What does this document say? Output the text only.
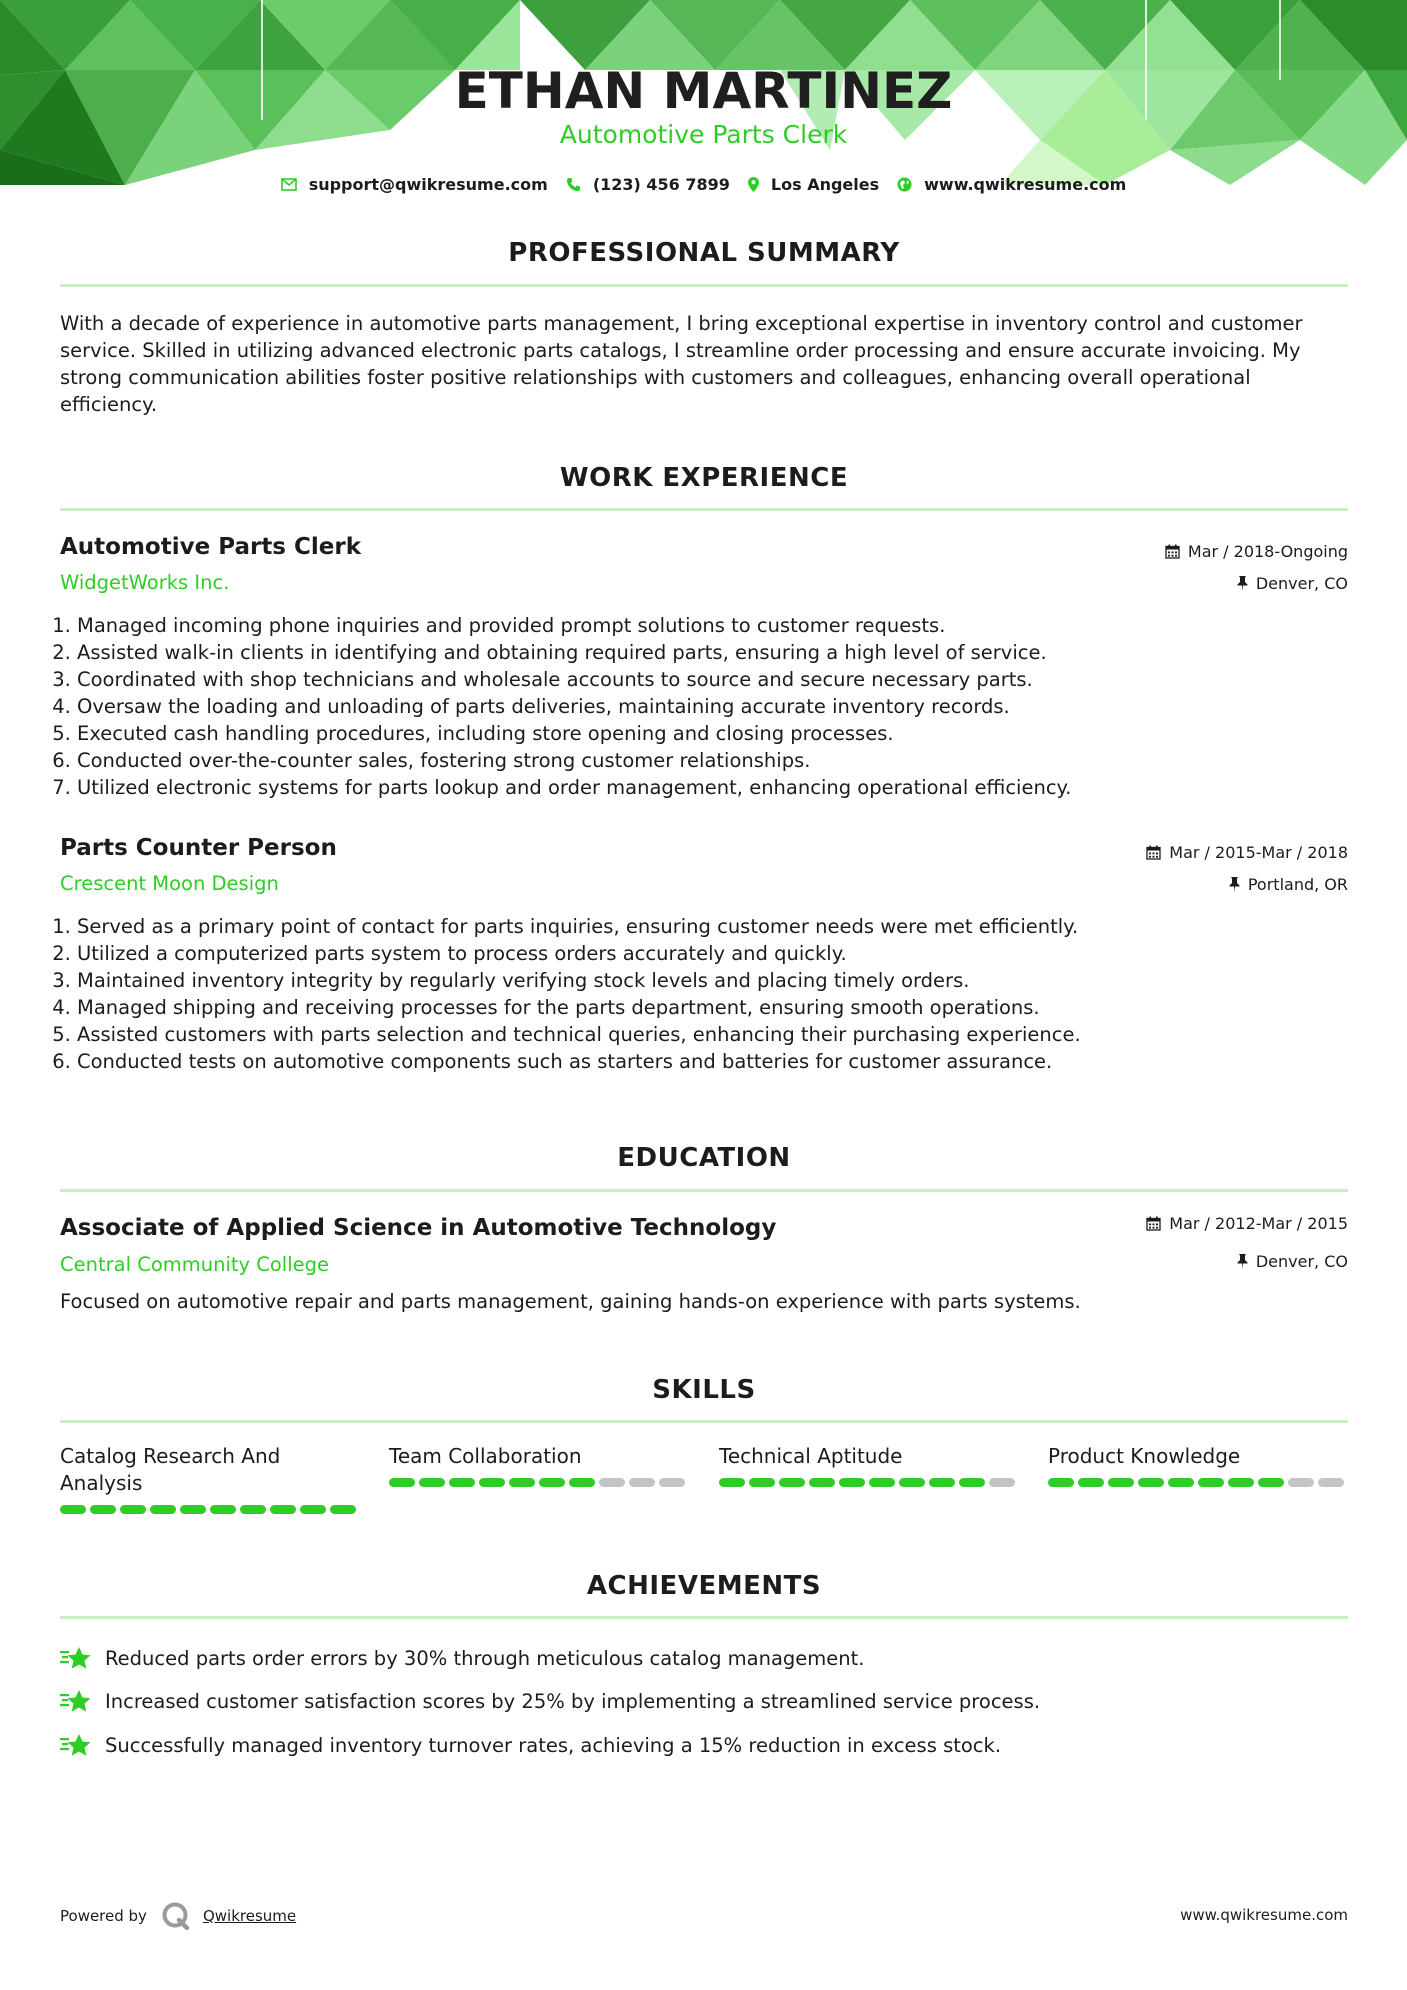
ETHAN MARTINEZ
Automotive Parts Clerk
support@qwikresume.com	(123) 456 7899	Los Angeles	www.qwikresume.com
PROFESSIONAL SUMMARY
With a decade of experience in automotive parts management, I bring exceptional expertise in inventory control and customer service. Skilled in utilizing advanced electronic parts catalogs, I streamline order processing and ensure accurate invoicing. My strong communication abilities foster positive relationships with customers and colleagues, enhancing overall operational efficiency.
WORK EXPERIENCE
Automotive Parts Clerk
WidgetWorks Inc.
Mar / 2018-Ongoing
Denver, CO
1. Managed incoming phone inquiries and provided prompt solutions to customer requests.
2. Assisted walk-in clients in identifying and obtaining required parts, ensuring a high level of service.
3. Coordinated with shop technicians and wholesale accounts to source and secure necessary parts.
4. Oversaw the loading and unloading of parts deliveries, maintaining accurate inventory records.
5. Executed cash handling procedures, including store opening and closing processes.
6. Conducted over-the-counter sales, fostering strong customer relationships.
7. Utilized electronic systems for parts lookup and order management, enhancing operational efficiency.
Parts Counter Person
Crescent Moon Design
Mar / 2015-Mar / 2018
Portland, OR
1. Served as a primary point of contact for parts inquiries, ensuring customer needs were met efficiently.
2. Utilized a computerized parts system to process orders accurately and quickly.
3. Maintained inventory integrity by regularly verifying stock levels and placing timely orders.
4. Managed shipping and receiving processes for the parts department, ensuring smooth operations.
5. Assisted customers with parts selection and technical queries, enhancing their purchasing experience.
6. Conducted tests on automotive components such as starters and batteries for customer assurance.
EDUCATION
Associate of Applied Science in Automotive Technology
Central Community College
Mar / 2012-Mar / 2015
Denver, CO
Focused on automotive repair and parts management, gaining hands-on experience with parts systems.
SKILLS
Catalog Research And Analysis
Team Collaboration	Technical Aptitude	Product Knowledge
ACHIEVEMENTS
Reduced parts order errors by 30% through meticulous catalog management.
Increased customer satisfaction scores by 25% by implementing a streamlined service process.
Successfully managed inventory turnover rates, achieving a 15% reduction in excess stock.
Powered by	Qwikresume	www.qwikresume.com
